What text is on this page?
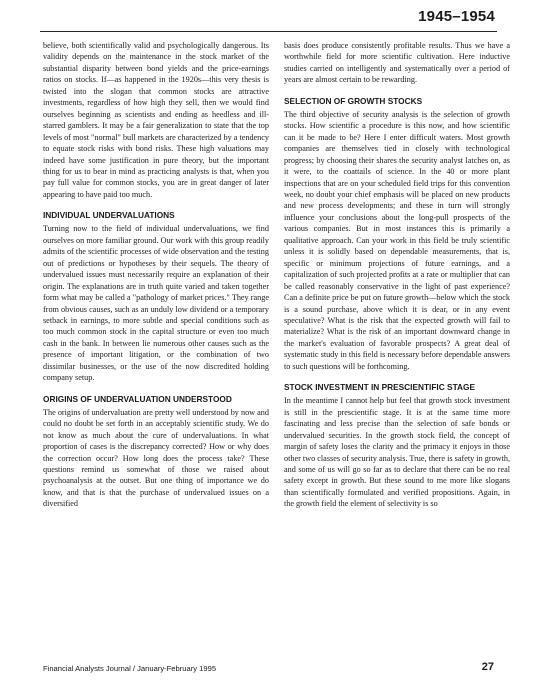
1945–1954

believe, both scientifically valid and psychologically dangerous. Its validity depends on the maintenance in the stock market of the substantial disparity between bond yields and the price-earnings ratios on stocks. If—as happened in the 1920s—this very thesis is twisted into the slogan that common stocks are attractive investments, regardless of how high they sell, then we would find ourselves beginning as scientists and ending as heedless and ill-starred gamblers. It may be a fair generalization to state that the top levels of most "normal" bull markets are characterized by a tendency to equate stock risks with bond risks. These high valuations may indeed have some justification in pure theory, but the important thing for us to bear in mind as practicing analysts is that, when you pay full value for common stocks, you are in great danger of later appearing to have paid too much.

INDIVIDUAL UNDERVALUATIONS

Turning now to the field of individual undervaluations, we find ourselves on more familiar ground. Our work with this group readily admits of the scientific processes of wide observation and the testing out of predictions or hypotheses by their sequels. The theory of undervalued issues must necessarily require an explanation of their origin. The explanations are in truth quite varied and taken together form what may be called a "pathology of market prices." They range from obvious causes, such as an unduly low dividend or a temporary setback in earnings, to more subtle and special conditions such as too much common stock in the capital structure or even too much cash in the bank. In between lie numerous other causes such as the presence of important litigation, or the combination of two dissimilar businesses, or the use of the now discredited holding company setup.

ORIGINS OF UNDERVALUATION UNDERSTOOD

The origins of undervaluation are pretty well understood by now and could no doubt be set forth in an acceptably scientific study. We do not know as much about the cure of undervaluations. In what proportion of cases is the discrepancy corrected? How or why does the correction occur? How long does the process take? These questions remind us somewhat of those we raised about psychoanalysis at the outset. But one thing of importance we do know, and that is that the purchase of undervalued issues on a diversified

basis does produce consistently profitable results. Thus we have a worthwhile field for more scientific cultivation. Here inductive studies carried on intelligently and systematically over a period of years are almost certain to be rewarding.

SELECTION OF GROWTH STOCKS

The third objective of security analysis is the selection of growth stocks. How scientific a procedure is this now, and how scientific can it be made to be? Here I enter difficult waters. Most growth companies are themselves tied in closely with technological progress; by choosing their shares the security analyst latches on, as it were, to the coattails of science. In the 40 or more plant inspections that are on your scheduled field trips for this convention week, no doubt your chief emphasis will be placed on new products and new process developments; and these in turn will strongly influence your conclusions about the long-pull prospects of the various companies. But in most instances this is primarily a qualitative approach. Can your work in this field be truly scientific unless it is solidly based on dependable measurements, that is, specific or minimum projections of future earnings, and a capitalization of such projected profits at a rate or multiplier that can be called reasonably conservative in the light of past experience? Can a definite price be put on future growth—below which the stock is a sound purchase, above which it is dear, or in any event speculative? What is the risk that the expected growth will fail to materialize? What is the risk of an important downward change in the market's evaluation of favorable prospects? A great deal of systematic study in this field is necessary before dependable answers to such questions will be forthcoming.

STOCK INVESTMENT IN PRESCIENTIFIC STAGE

In the meantime I cannot help but feel that growth stock investment is still in the prescientific stage. It is at the same time more fascinating and less precise than the selection of safe bonds or undervalued securities. In the growth stock field, the concept of margin of safety loses the clarity and the primacy it enjoys in those other two classes of security analysis. True, there is safety in growth, and some of us will go so far as to declare that there can be no real safety except in growth. But these sound to me more like slogans than scientifically formulated and verified propositions. Again, in the growth field the element of selectivity is so

Financial Analysts Journal / January-February 1995	27
